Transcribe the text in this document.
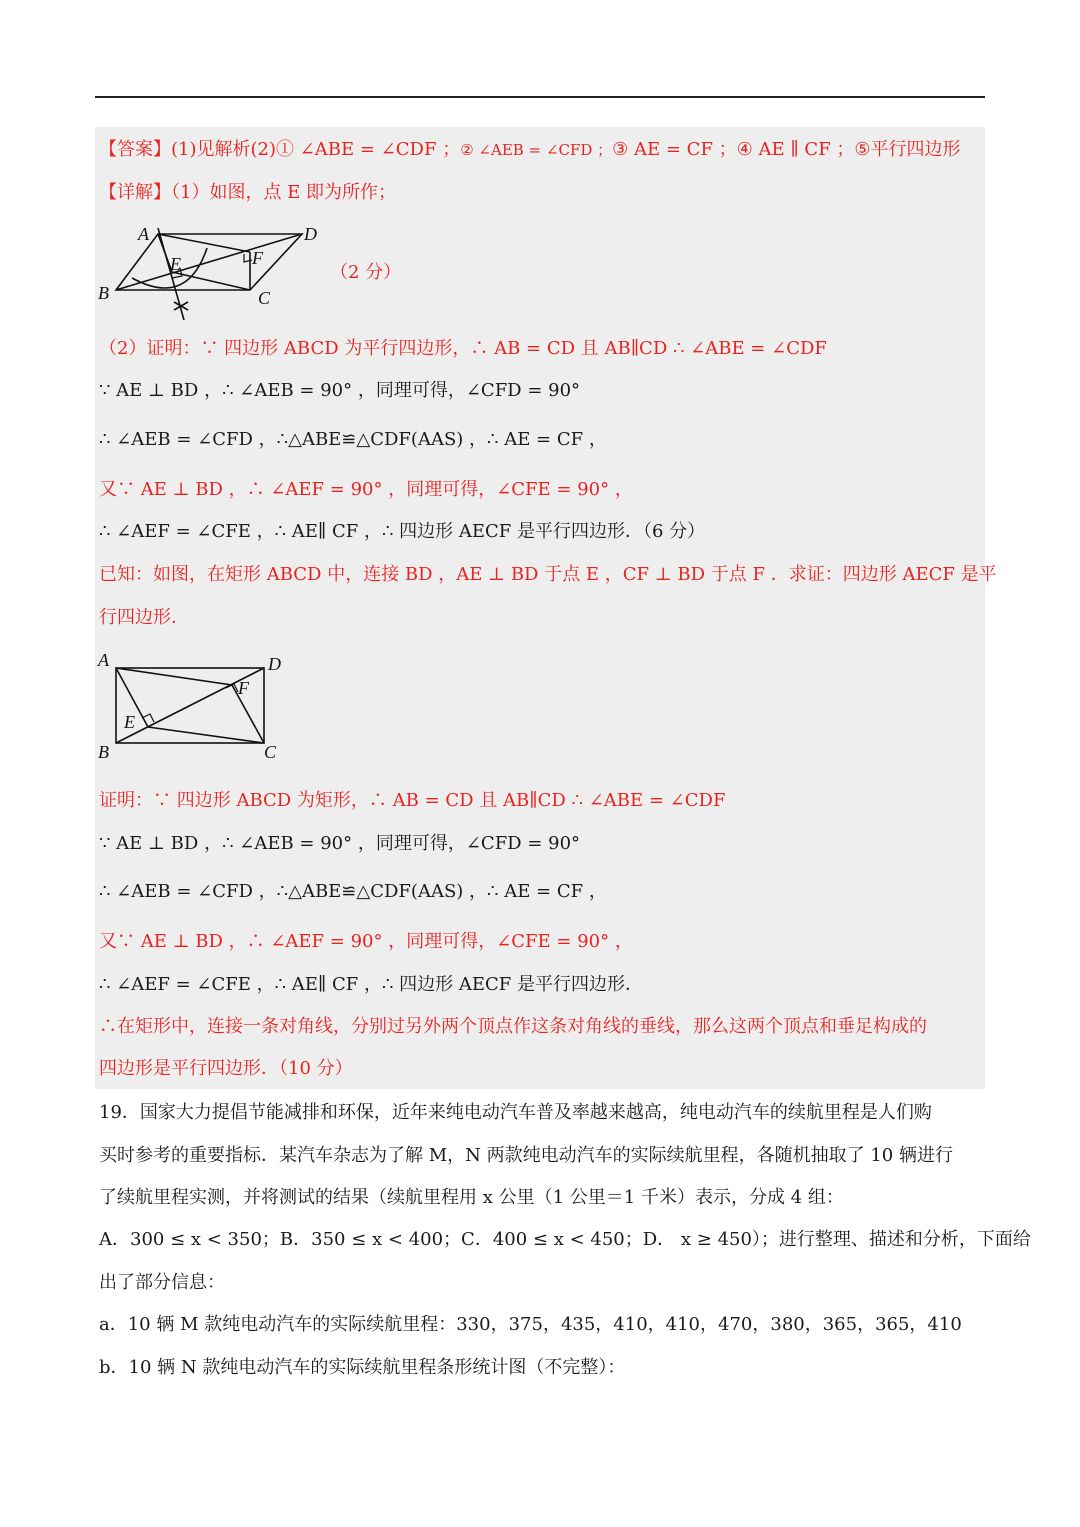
【答案】(1)见解析(2)① ∠ABE = ∠CDF ；② ∠AEB = ∠CFD ；③ AE = CF ；④ AE ∥ CF ；⑤平行四边形
【详解】（1）如图，点 E 即为所作；
A	D
B	C
E	F
（2 分）
（2）证明：∵ 四边形 ABCD 为平行四边形，∴ AB = CD 且 AB∥CD ∴ ∠ABE = ∠CDF
∵ AE ⊥ BD ，∴ ∠AEB = 90° ，同理可得，∠CFD = 90°
∴ ∠AEB = ∠CFD ，∴△ABE≌△CDF(AAS) ，∴ AE = CF ，
又∵ AE ⊥ BD ，∴ ∠AEF = 90° ，同理可得，∠CFE = 90° ，
∴ ∠AEF = ∠CFE ，∴ AE∥ CF ，∴ 四边形 AECF 是平行四边形．（6 分）
已知：如图，在矩形 ABCD 中，连接 BD ，AE ⊥ BD 于点 E ，CF ⊥ BD 于点 F ．求证：四边形 AECF 是平
行四边形．
A	D
B	C
E
F
证明：∵ 四边形 ABCD 为矩形，∴ AB = CD 且 AB∥CD ∴ ∠ABE = ∠CDF
∵ AE ⊥ BD ，∴ ∠AEB = 90° ，同理可得，∠CFD = 90°
∴ ∠AEB = ∠CFD ，∴△ABE≌△CDF(AAS) ，∴ AE = CF ，
又∵ AE ⊥ BD ，∴ ∠AEF = 90° ，同理可得，∠CFE = 90° ，
∴ ∠AEF = ∠CFE ，∴ AE∥ CF ，∴ 四边形 AECF 是平行四边形．
∴在矩形中，连接一条对角线，分别过另外两个顶点作这条对角线的垂线，那么这两个顶点和垂足构成的
四边形是平行四边形．（10 分）
19．国家大力提倡节能减排和环保，近年来纯电动汽车普及率越来越高，纯电动汽车的续航里程是人们购
买时参考的重要指标．某汽车杂志为了解 M，N 两款纯电动汽车的实际续航里程，各随机抽取了 10 辆进行
了续航里程实测，并将测试的结果（续航里程用 x 公里（1 公里＝1 千米）表示，分成 4 组：
A．300 ≤ x < 350；B．350 ≤ x < 400；C．400 ≤ x < 450；D． x ≥ 450）；进行整理、描述和分析，下面给
出了部分信息：
a．10 辆 M 款纯电动汽车的实际续航里程：330，375，435，410，410，470，380，365，365，410
b．10 辆 N 款纯电动汽车的实际续航里程条形统计图（不完整）：
